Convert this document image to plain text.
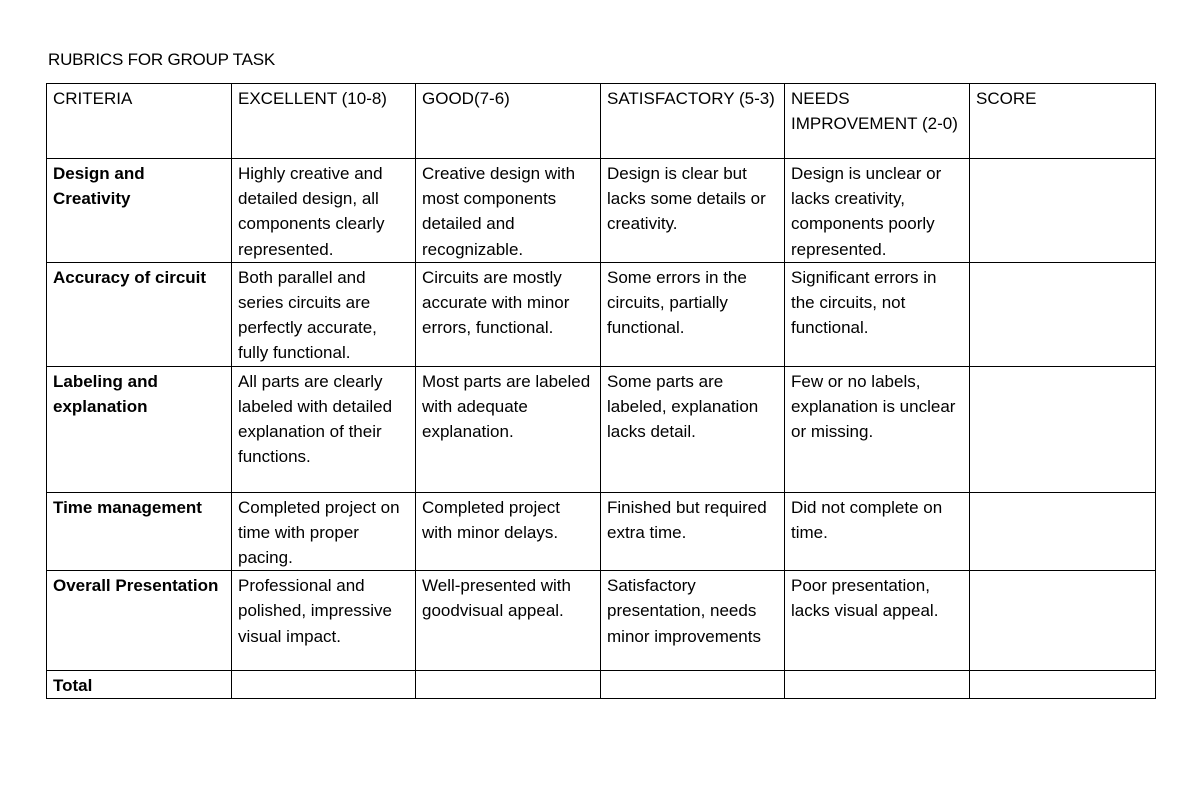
RUBRICS FOR GROUP TASK
CRITERIA	EXCELLENT (10-8)	GOOD(7-6)	SATISFACTORY (5-3)	NEEDS IMPROVEMENT (2-0)	SCORE

Design and Creativity	Highly creative and detailed design, all components clearly represented.	Creative design with most components detailed and recognizable.	Design is clear but lacks some details or creativity.	Design is unclear or lacks creativity, components poorly represented.	

Accuracy of circuit	Both parallel and series circuits are perfectly accurate, fully functional.	Circuits are mostly accurate with minor errors, functional.	Some errors in the circuits, partially functional.	Significant errors in the circuits, not functional.	

Labeling and explanation	All parts are clearly labeled with detailed explanation of their functions.	Most parts are labeled with adequate explanation.	Some parts are labeled, explanation lacks detail.	Few or no labels, explanation is unclear or missing.	

Time management	Completed project on time with proper pacing.	Completed project with minor delays.	Finished but required extra time.	Did not complete on time.	

Overall Presentation	Professional and polished, impressive visual impact.	Well-presented with goodvisual appeal.	Satisfactory presentation, needs minor improvements	Poor presentation, lacks visual appeal.	

Total					
